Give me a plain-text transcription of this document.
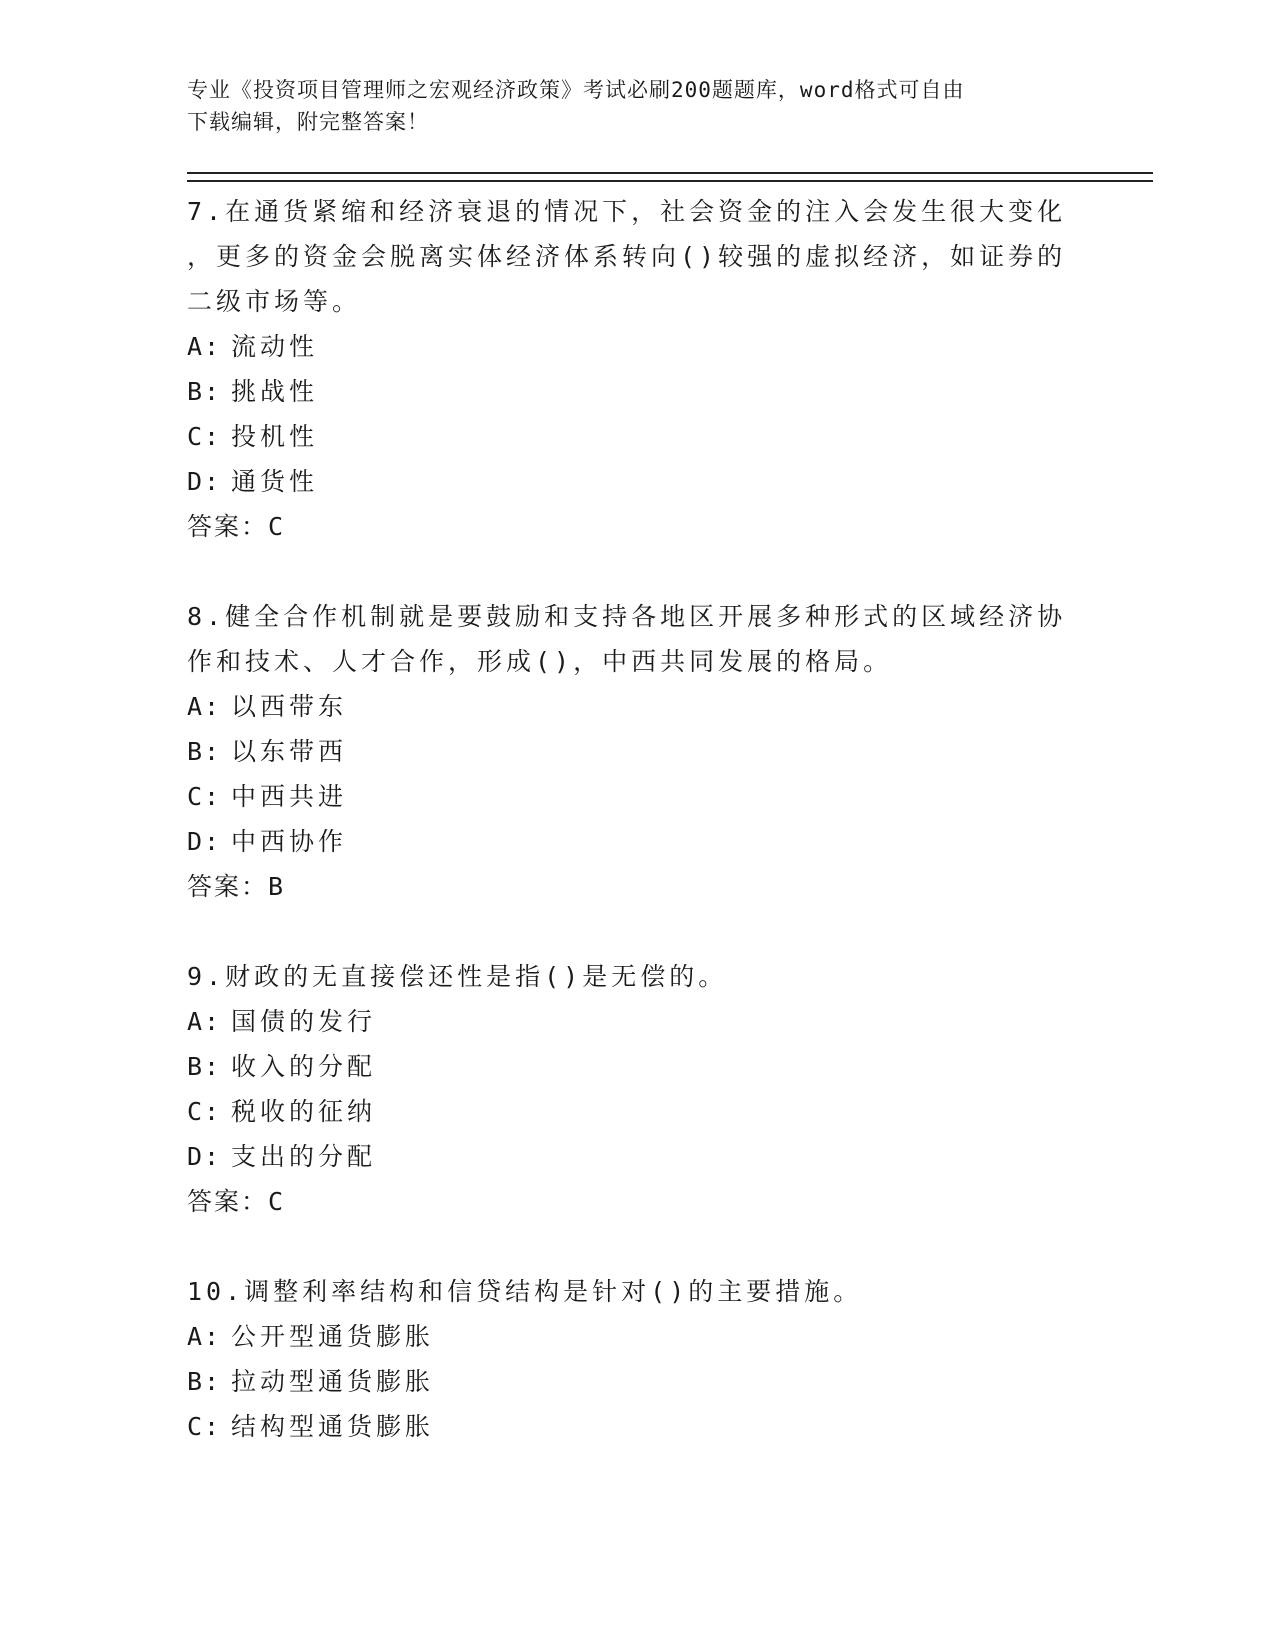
专业《投资项目管理师之宏观经济政策》考试必刷200题题库，word格式可自由
下载编辑，附完整答案！
7.在通货紧缩和经济衰退的情况下，社会资金的注入会发生很大变化
，更多的资金会脱离实体经济体系转向()较强的虚拟经济，如证券的
二级市场等。
A: 流动性
B: 挑战性
C: 投机性
D: 通货性
答案：C
8.健全合作机制就是要鼓励和支持各地区开展多种形式的区域经济协
作和技术、人才合作，形成()，中西共同发展的格局。
A: 以西带东
B: 以东带西
C: 中西共进
D: 中西协作
答案：B
9.财政的无直接偿还性是指()是无偿的。
A: 国债的发行
B: 收入的分配
C: 税收的征纳
D: 支出的分配
答案：C
10.调整利率结构和信贷结构是针对()的主要措施。
A: 公开型通货膨胀
B: 拉动型通货膨胀
C: 结构型通货膨胀
